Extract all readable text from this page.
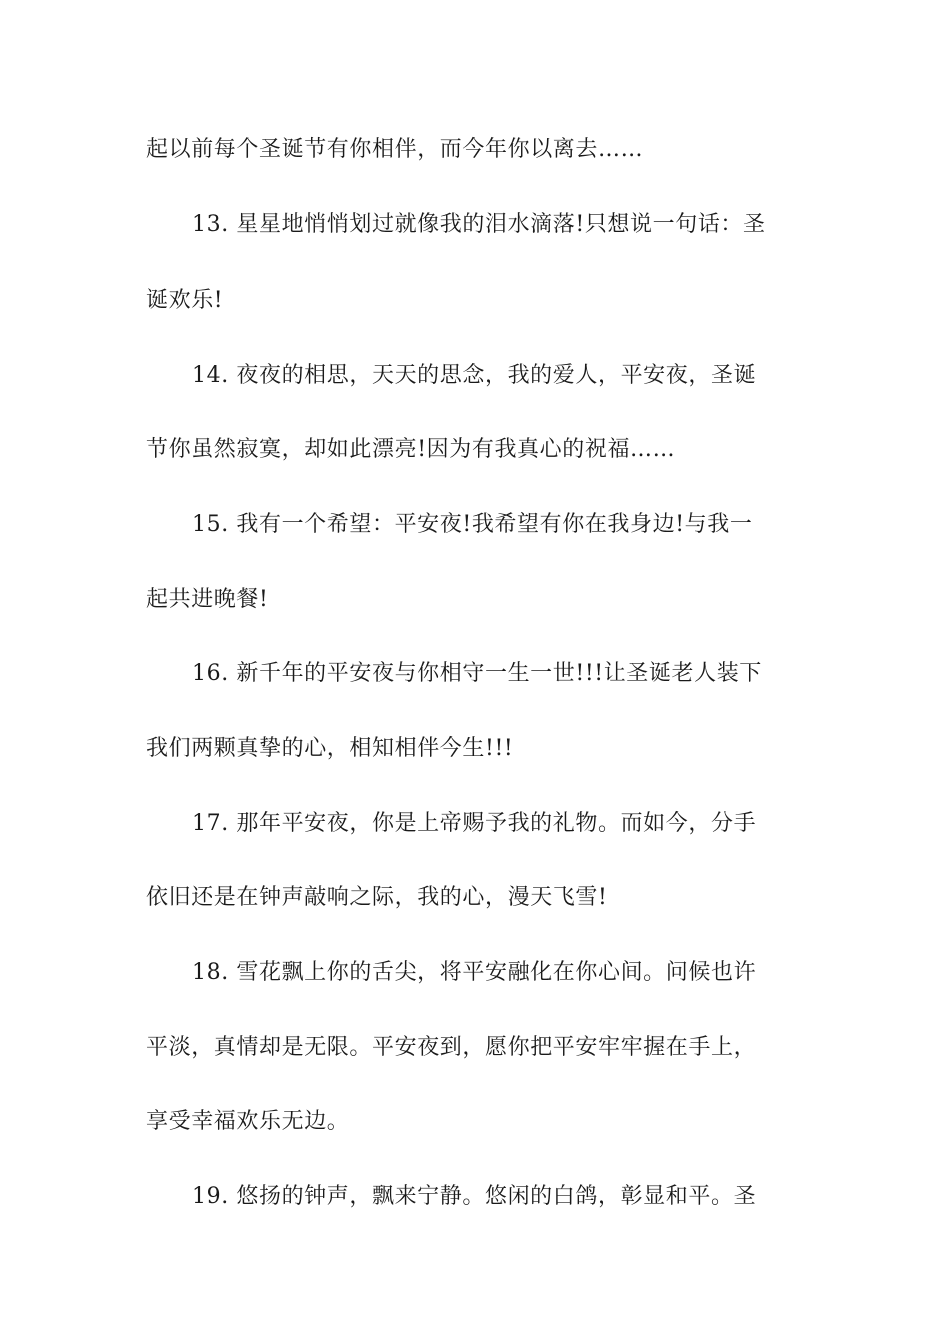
起以前每个圣诞节有你相伴，而今年你以离去……
13. 星星地悄悄划过就像我的泪水滴落!只想说一句话：圣
诞欢乐!
14. 夜夜的相思，天天的思念，我的爱人，平安夜，圣诞
节你虽然寂寞，却如此漂亮!因为有我真心的祝福……
15. 我有一个希望：平安夜!我希望有你在我身边!与我一
起共进晚餐!
16. 新千年的平安夜与你相守一生一世!!!让圣诞老人装下
我们两颗真挚的心，相知相伴今生!!!
17. 那年平安夜，你是上帝赐予我的礼物。而如今，分手
依旧还是在钟声敲响之际，我的心，漫天飞雪!
18. 雪花飘上你的舌尖，将平安融化在你心间。问候也许
平淡，真情却是无限。平安夜到，愿你把平安牢牢握在手上，
享受幸福欢乐无边。
19. 悠扬的钟声，飘来宁静。悠闲的白鸽，彰显和平。圣
